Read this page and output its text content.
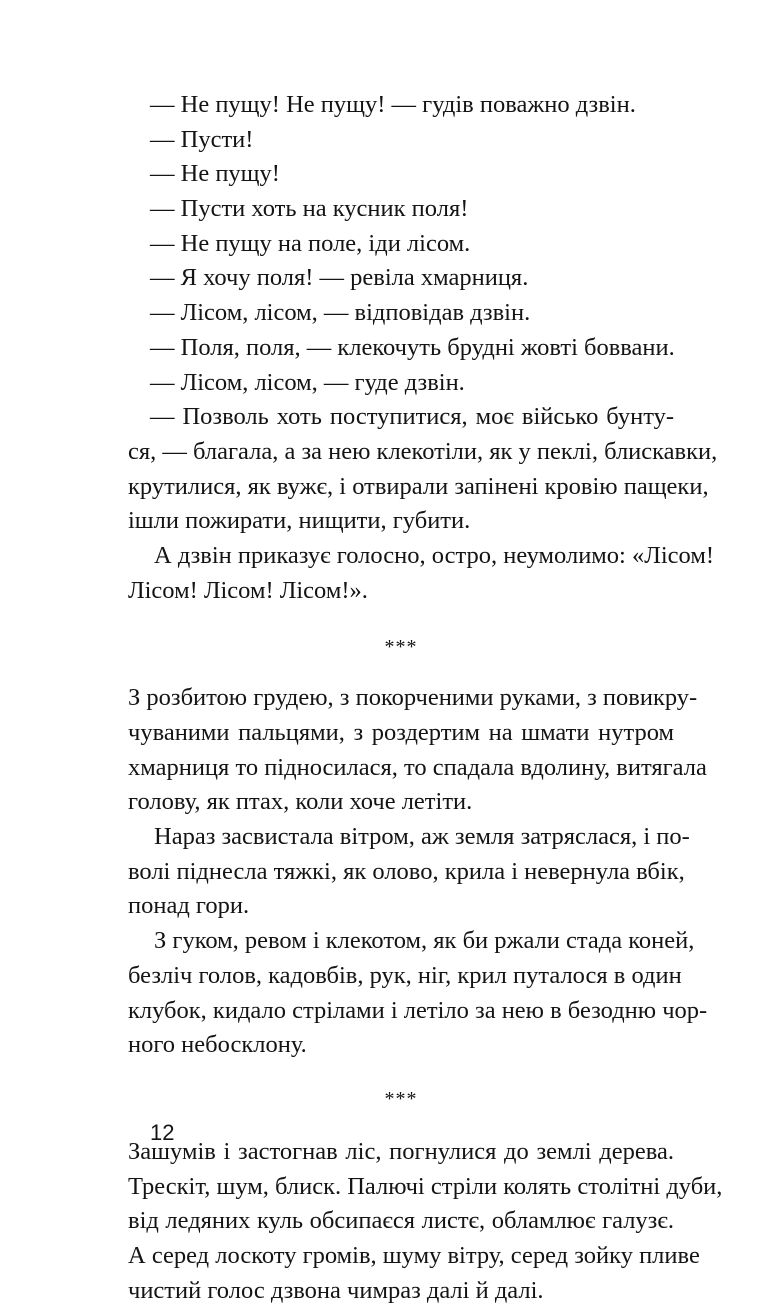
— Не пущу! Не пущу! — гудів поважно дзвін.
— Пусти!
— Не пущу!
— Пусти хоть на кусник поля!
— Не пущу на поле, іди лісом.
— Я хочу поля! — ревіла хмарниця.
— Лісом, лісом, — відповідав дзвін.
— Поля, поля, — клекочуть брудні жовті боввани.
— Лісом, лісом, — гуде дзвін.
— Позволь хоть поступитися, моє військо бунту-
ся, — благала, а за нею клекотіли, як у пеклі, блискавки,
крутилися, як вужє, і отвирали запінені кровію пащеки,
ішли пожирати, нищити, губити.
А дзвін приказує голосно, остро, неумолимо: «Лісом!
Лісом! Лісом! Лісом!».
***
З розбитою грудею, з покорченими руками, з повикру-
чуваними пальцями, з роздертим на шмати нутром
хмарниця то підносилася, то спадала вдолину, витягала
голову, як птах, коли хоче летіти.
Нараз засвистала вітром, аж земля затряслася, і по-
волі піднесла тяжкі, як олово, крила і невернула вбік,
понад гори.
З гуком, ревом і клекотом, як би ржали стада коней,
безліч голов, кадовбів, рук, ніг, крил путалося в один
клубок, кидало стрілами і летіло за нею в безодню чор-
ного небосклону.
***
Зашумів і застогнав ліс, погнулися до землі дерева.
Трескіт, шум, блиск. Палючі стріли колять столітні дуби,
від ледяних куль обсипаєся листє, обламлює галузє.
А серед лоскоту громів, шуму вітру, серед зойку пливе
чистий голос дзвона чимраз далі й далі.
12
